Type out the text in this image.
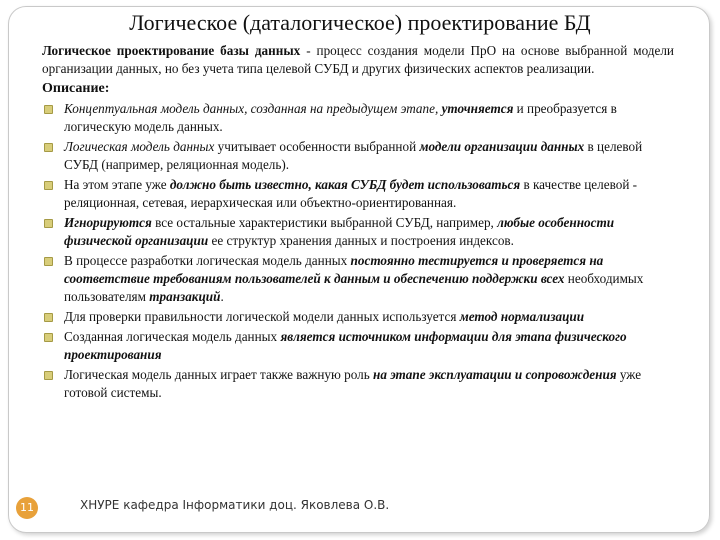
Логическое (даталогическое) проектирование БД

Логическое проектирование базы данных - процесс создания модели ПрО на основе выбранной модели организации данных, но без учета типа целевой СУБД и других физических аспектов реализации.

Описание:
Концептуальная модель данных, созданная на предыдущем этапе, уточняется и преобразуется в логическую модель данных.
Логическая модель данных учитывает особенности выбранной модели организации данных в целевой СУБД (например, реляционная модель).
На этом этапе уже должно быть известно, какая СУБД будет использоваться в качестве целевой - реляционная, сетевая, иерархическая или объектно-ориентированная.
Игнорируются все остальные характеристики выбранной СУБД, например, любые особенности физической организации ее структур хранения данных и построения индексов.
В процессе разработки логическая модель данных постоянно тестируется и проверяется на соответствие требованиям пользователей к данным и обеспечению поддержки всех необходимых пользователям транзакций.
Для проверки правильности логической модели данных используется метод нормализации
Созданная логическая модель данных является источником информации для этапа физического проектирования
Логическая модель данных играет также важную роль на этапе эксплуатации и сопровождения уже готовой системы.
11	ХНУРЕ кафедра Інформатики доц. Яковлева О.В.
